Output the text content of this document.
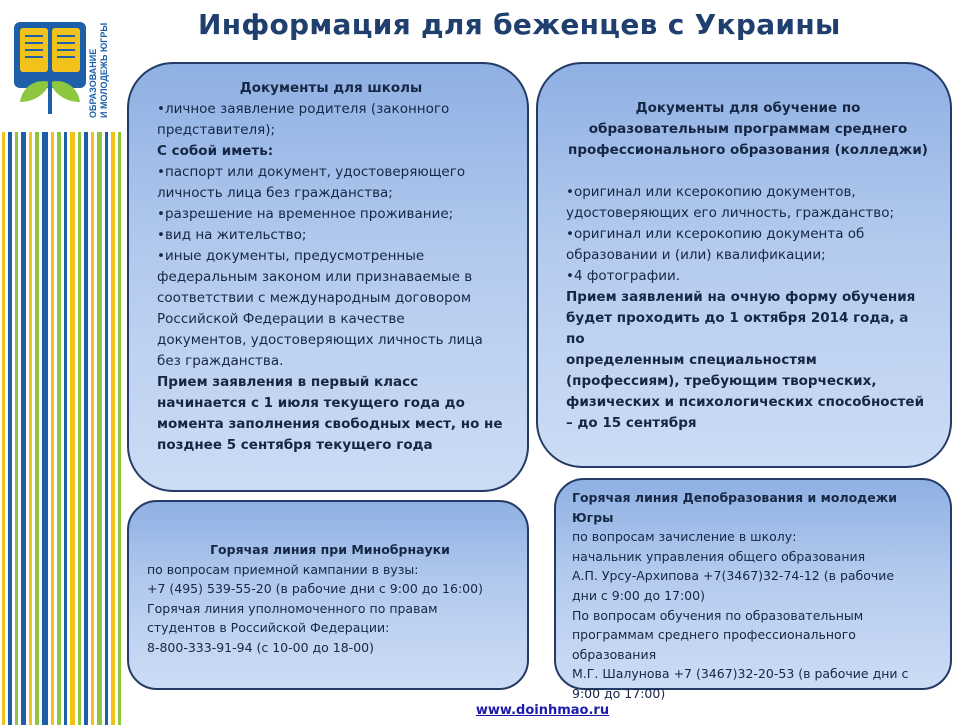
ОБРАЗОВАНИЕ И МОЛОДЕЖЬ ЮГРЫ	Информация для беженцев с Украины
Документы для школы
•личное заявление родителя (законного
представителя);
С собой иметь:
•паспорт или документ, удостоверяющего
личность лица без гражданства;
•разрешение на временное проживание;
•вид на жительство;
•иные документы, предусмотренные
федеральным законом или признаваемые в
соответствии с международным договором
Российской Федерации в качестве
документов, удостоверяющих личность лица
без гражданства.
Прием заявления в первый класс
начинается с 1 июля текущего года до
момента заполнения свободных мест, но не
позднее 5 сентября текущего года
Документы для обучение по
образовательным программам среднего
профессионального образования (колледжи)
•оригинал или ксерокопию документов,
удостоверяющих его личность, гражданство;
•оригинал или ксерокопию документа об
образовании и (или) квалификации;
•4 фотографии.
Прием заявлений на очную форму обучения
будет проходить до 1 октября 2014 года, а по
определенным специальностям
(профессиям), требующим творческих,
физических и психологических способностей
– до 15 сентября
Горячая линия при Минобрнауки
по вопросам приемной кампании в вузы:
+7 (495) 539-55-20 (в рабочие дни с 9:00 до 16:00)
Горячая линия уполномоченного по правам
студентов в Российской Федерации:
8-800-333-91-94 (с 10-00 до 18-00)
Горячая линия Депобразования и молодежи Югры
по вопросам зачисление в школу:
начальник управления общего образования
А.П. Урсу-Архипова +7(3467)32-74-12 (в рабочие
дни с 9:00 до 17:00)
По вопросам обучения по образовательным
программам среднего профессионального
образования
М.Г. Шалунова +7 (3467)32-20-53 (в рабочие дни с
9:00 до 17:00)
www.doinhmao.ru
